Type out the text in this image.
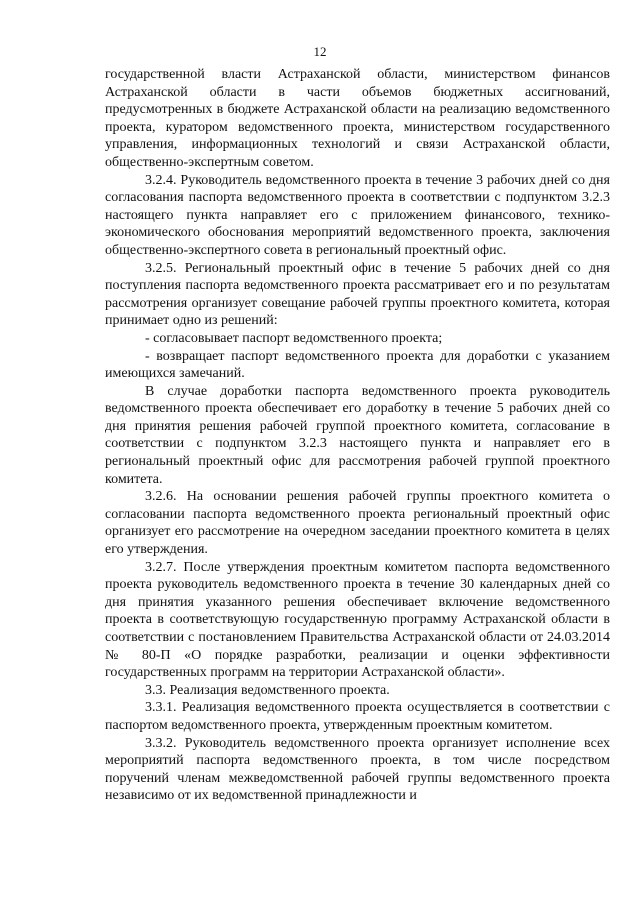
12

государственной власти Астраханской области, министерством финансов Астраханской области в части объемов бюджетных ассигнований, предусмотренных в бюджете Астраханской области на реализацию ведомственного проекта, куратором ведомственного проекта, министерством государственного управления, информационных технологий и связи Астраханской области, общественно-экспертным советом.

3.2.4. Руководитель ведомственного проекта в течение 3 рабочих дней со дня согласования паспорта ведомственного проекта в соответствии с подпунктом 3.2.3 настоящего пункта направляет его с приложением финансового, технико-экономического обоснования мероприятий ведомственного проекта, заключения общественно-экспертного совета в региональный проектный офис.

3.2.5. Региональный проектный офис в течение 5 рабочих дней со дня поступления паспорта ведомственного проекта рассматривает его и по результатам рассмотрения организует совещание рабочей группы проектного комитета, которая принимает одно из решений:

- согласовывает паспорт ведомственного проекта;

- возвращает паспорт ведомственного проекта для доработки с указанием имеющихся замечаний.

В случае доработки паспорта ведомственного проекта руководитель ведомственного проекта обеспечивает его доработку в течение 5 рабочих дней со дня принятия решения рабочей группой проектного комитета, согласование в соответствии с подпунктом 3.2.3 настоящего пункта и направляет его в региональный проектный офис для рассмотрения рабочей группой проектного комитета.

3.2.6. На основании решения рабочей группы проектного комитета о согласовании паспорта ведомственного проекта региональный проектный офис организует его рассмотрение на очередном заседании проектного комитета в целях его утверждения.

3.2.7. После утверждения проектным комитетом паспорта ведомственного проекта руководитель ведомственного проекта в течение 30 календарных дней со дня принятия указанного решения обеспечивает включение ведомственного проекта в соответствующую государственную программу Астраханской области в соответствии с постановлением Правительства Астраханской области от 24.03.2014 № 80-П «О порядке разработки, реализации и оценки эффективности государственных программ на территории Астраханской области».

3.3. Реализация ведомственного проекта.

3.3.1. Реализация ведомственного проекта осуществляется в соответствии с паспортом ведомственного проекта, утвержденным проектным комитетом.

3.3.2. Руководитель ведомственного проекта организует исполнение всех мероприятий паспорта ведомственного проекта, в том числе посредством поручений членам межведомственной рабочей группы ведомственного проекта независимо от их ведомственной принадлежности и
